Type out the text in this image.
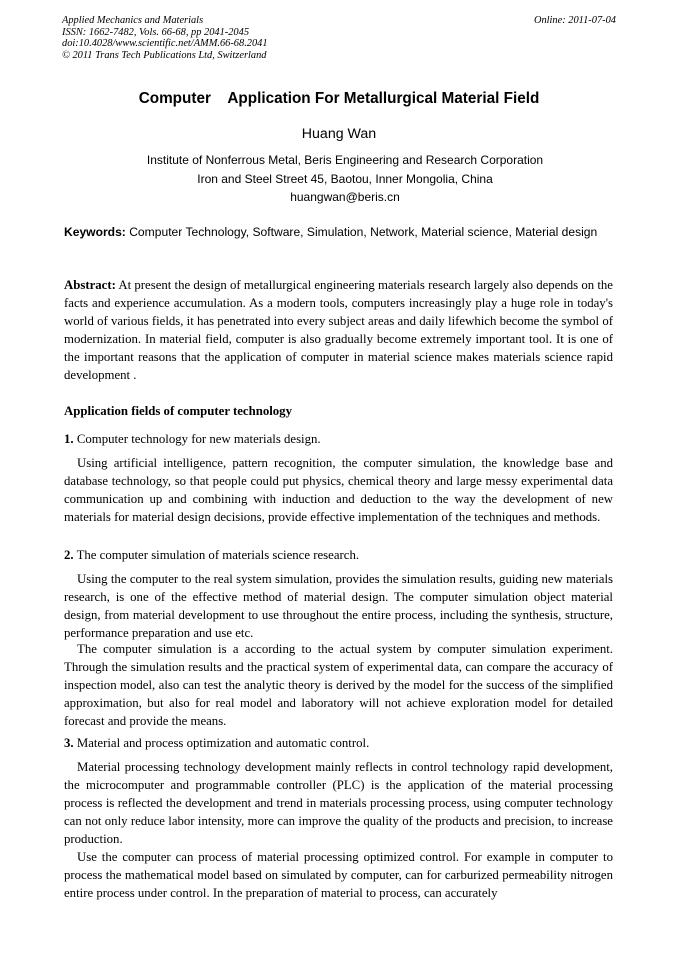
Applied Mechanics and Materials
ISSN: 1662-7482, Vols. 66-68, pp 2041-2045
doi:10.4028/www.scientific.net/AMM.66-68.2041
© 2011 Trans Tech Publications Ltd, Switzerland
Online: 2011-07-04
Computer    Application For Metallurgical Material Field
Huang Wan
Institute of Nonferrous Metal, Beris Engineering and Research Corporation
Iron and Steel Street 45, Baotou, Inner Mongolia, China
huangwan@beris.cn
Keywords: Computer Technology, Software, Simulation, Network, Material science, Material design

Abstract: At present the design of metallurgical engineering materials research largely also depends on the facts and experience accumulation. As a modern tools, computers increasingly play a huge role in today's world of various fields, it has penetrated into every subject areas and daily lifewhich become the symbol of modernization. In material field, computer is also gradually become extremely important tool. It is one of the important reasons that the application of computer in material science makes materials science rapid development .

Application fields of computer technology
1. Computer technology for new materials design.

Using artificial intelligence, pattern recognition, the computer simulation, the knowledge base and database technology, so that people could put physics, chemical theory and large messy experimental data communication up and combining with induction and deduction to the way the development of new materials for material design decisions, provide effective implementation of the techniques and methods.

2. The computer simulation of materials science research.

Using the computer to the real system simulation, provides the simulation results, guiding new materials research, is one of the effective method of material design. The computer simulation object material design, from material development to use throughout the entire process, including the synthesis, structure, performance preparation and use etc.

The computer simulation is a according to the actual system by computer simulation experiment. Through the simulation results and the practical system of experimental data, can compare the accuracy of inspection model, also can test the analytic theory is derived by the model for the success of the simplified approximation, but also for real model and laboratory will not achieve exploration model for detailed forecast and provide the means.

3. Material and process optimization and automatic control.

Material processing technology development mainly reflects in control technology rapid development, the microcomputer and programmable controller (PLC) is the application of the material processing process is reflected the development and trend in materials processing process, using computer technology can not only reduce labor intensity, more can improve the quality of the products and precision, to increase production.

Use the computer can process of material processing optimized control. For example in computer to process the mathematical model based on simulated by computer, can for carburized permeability nitrogen entire process under control. In the preparation of material to process, can accurately
